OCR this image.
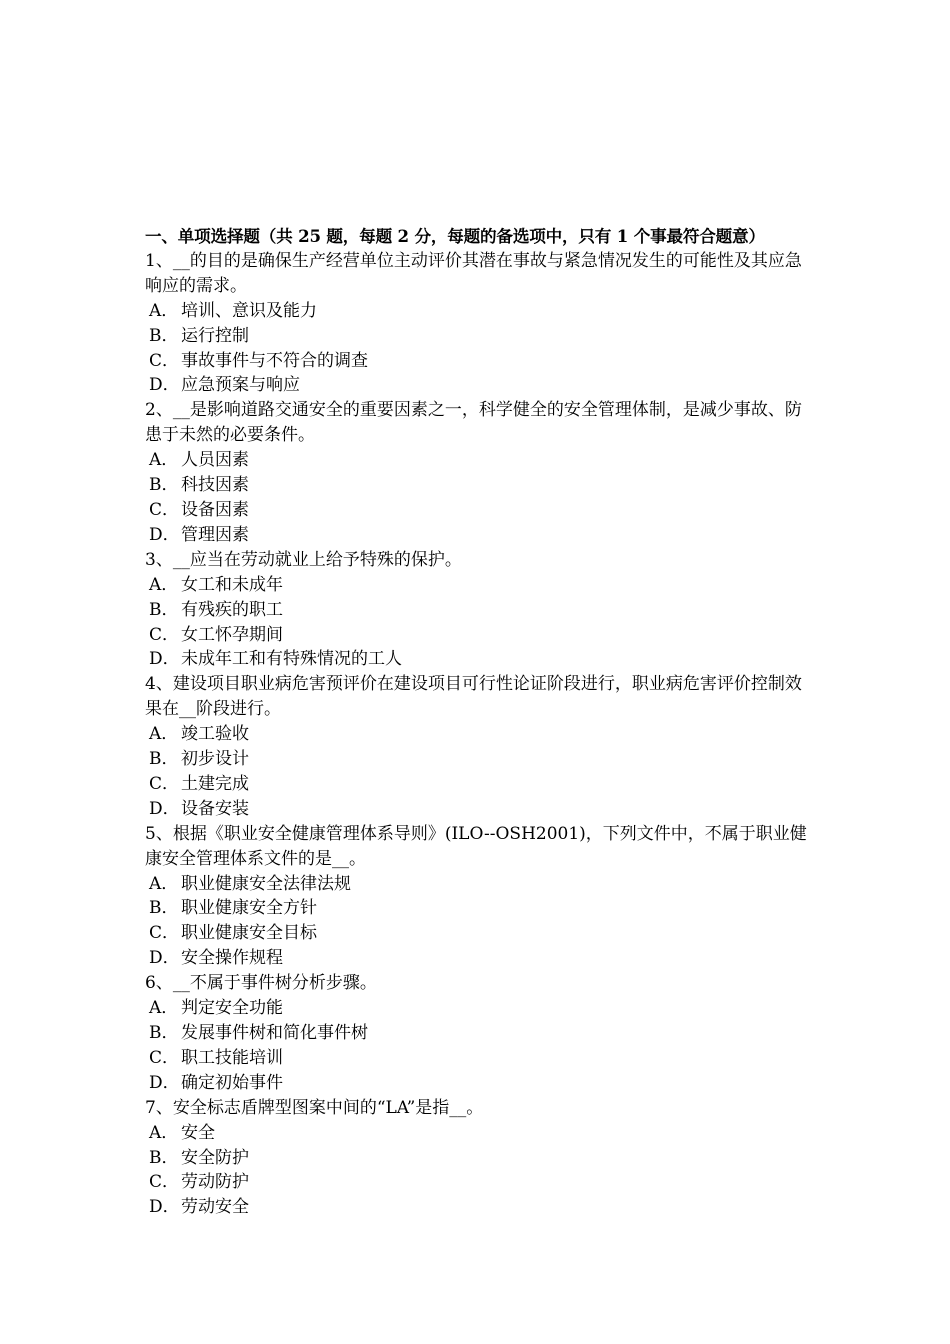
一、单项选择题（共 25 题，每题 2 分，每题的备选项中，只有 1 个事最符合题意）
1、__的目的是确保生产经营单位主动评价其潜在事故与紧急情况发生的可能性及其应急响应的需求。
A． 培训、意识及能力
B． 运行控制
C． 事故事件与不符合的调查
D．应急预案与响应
2、__是影响道路交通安全的重要因素之一，科学健全的安全管理体制，是减少事故、防患于未然的必要条件。
A． 人员因素
B． 科技因素
C． 设备因素
D．管理因素
3、__应当在劳动就业上给予特殊的保护。
A． 女工和未成年
B． 有残疾的职工
C． 女工怀孕期间
D．未成年工和有特殊情况的工人
4、建设项目职业病危害预评价在建设项目可行性论证阶段进行，职业病危害评价控制效果在__阶段进行。
A． 竣工验收
B． 初步设计
C． 土建完成
D．设备安装
5、根据《职业安全健康管理体系导则》(ILO--OSH2001)，下列文件中，不属于职业健康安全管理体系文件的是__。
A． 职业健康安全法律法规
B． 职业健康安全方针
C． 职业健康安全目标
D．安全操作规程
6、__不属于事件树分析步骤。
A． 判定安全功能
B． 发展事件树和简化事件树
C． 职工技能培训
D．确定初始事件
7、安全标志盾牌型图案中间的“LA”是指__。
A． 安全
B． 安全防护
C． 劳动防护
D．劳动安全
